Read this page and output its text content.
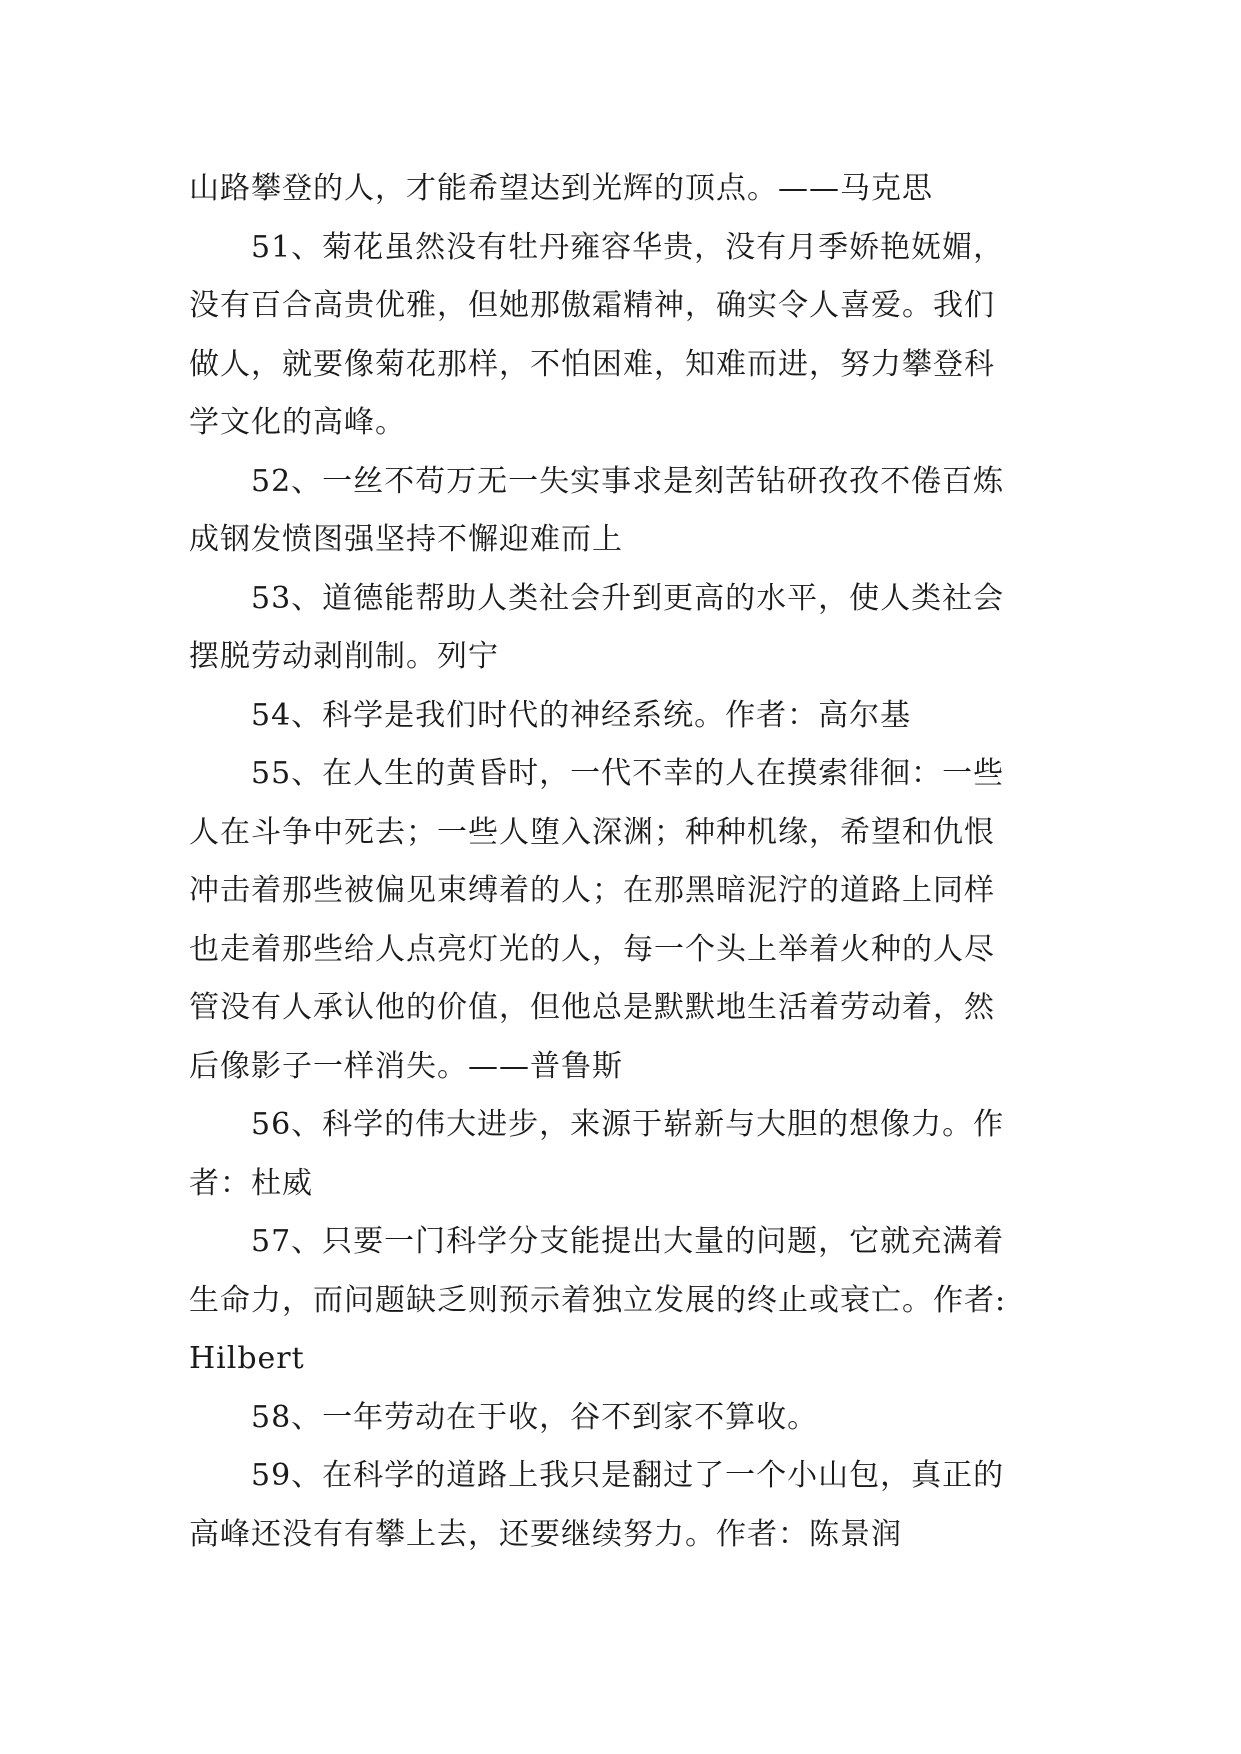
山路攀登的人，才能希望达到光辉的顶点。——马克思
51、菊花虽然没有牡丹雍容华贵，没有月季娇艳妩媚，
没有百合高贵优雅，但她那傲霜精神，确实令人喜爱。我们
做人，就要像菊花那样，不怕困难，知难而进，努力攀登科
学文化的高峰。
52、一丝不苟万无一失实事求是刻苦钻研孜孜不倦百炼
成钢发愤图强坚持不懈迎难而上
53、道德能帮助人类社会升到更高的水平，使人类社会
摆脱劳动剥削制。列宁
54、科学是我们时代的神经系统。作者：高尔基
55、在人生的黄昏时，一代不幸的人在摸索徘徊：一些
人在斗争中死去；一些人堕入深渊；种种机缘，希望和仇恨
冲击着那些被偏见束缚着的人；在那黑暗泥泞的道路上同样
也走着那些给人点亮灯光的人，每一个头上举着火种的人尽
管没有人承认他的价值，但他总是默默地生活着劳动着，然
后像影子一样消失。——普鲁斯
56、科学的伟大进步，来源于崭新与大胆的想像力。作
者：杜威
57、只要一门科学分支能提出大量的问题，它就充满着
生命力，而问题缺乏则预示着独立发展的终止或衰亡。作者:
Hilbert
58、一年劳动在于收，谷不到家不算收。
59、在科学的道路上我只是翻过了一个小山包，真正的
高峰还没有有攀上去，还要继续努力。作者：陈景润
